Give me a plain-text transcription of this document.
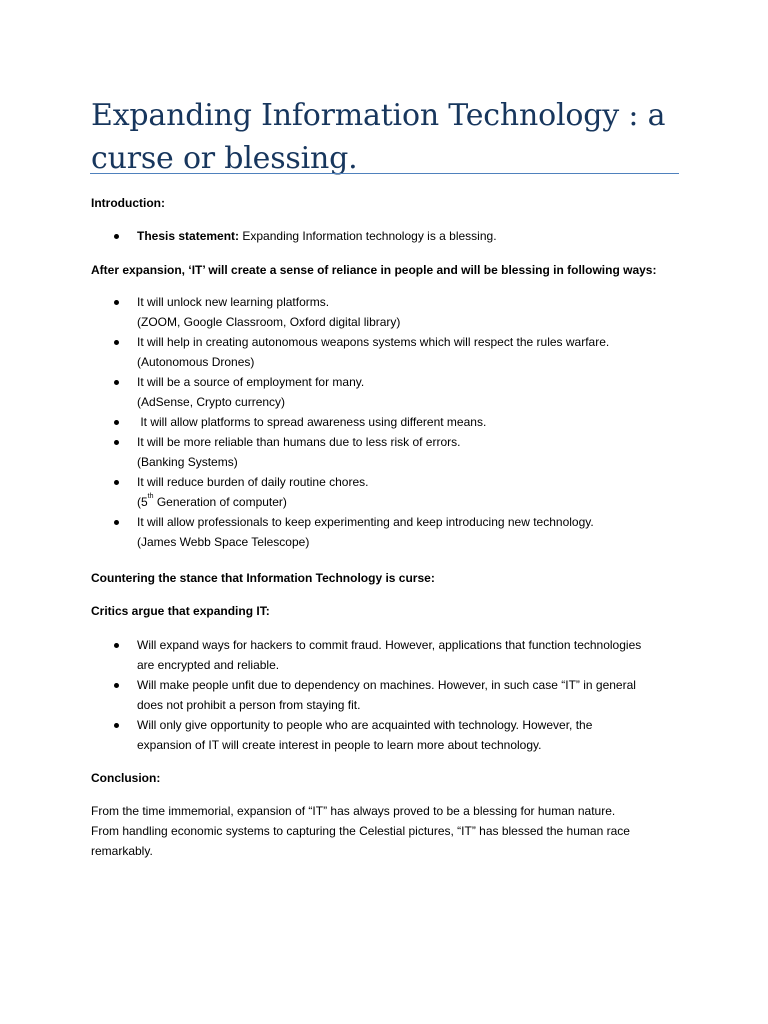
Expanding Information Technology : a
curse or blessing.

Introduction:

Thesis statement: Expanding Information technology is a blessing.

After expansion, ‘IT’ will create a sense of reliance in people and will be blessing in following ways:

It will unlock new learning platforms.
(ZOOM, Google Classroom, Oxford digital library)
It will help in creating autonomous weapons systems which will respect the rules warfare.
(Autonomous Drones)
It will be a source of employment for many.
(AdSense, Crypto currency)
It will allow platforms to spread awareness using different means.
It will be more reliable than humans due to less risk of errors.
(Banking Systems)
It will reduce burden of daily routine chores.
(5th Generation of computer)
It will allow professionals to keep experimenting and keep introducing new technology.
(James Webb Space Telescope)

Countering the stance that Information Technology is curse:

Critics argue that expanding IT:

Will expand ways for hackers to commit fraud. However, applications that function technologies
are encrypted and reliable.
Will make people unfit due to dependency on machines. However, in such case “IT” in general
does not prohibit a person from staying fit.
Will only give opportunity to people who are acquainted with technology. However, the
expansion of IT will create interest in people to learn more about technology.

Conclusion:

From the time immemorial, expansion of “IT” has always proved to be a blessing for human nature.
From handling economic systems to capturing the Celestial pictures, “IT” has blessed the human race
remarkably.
